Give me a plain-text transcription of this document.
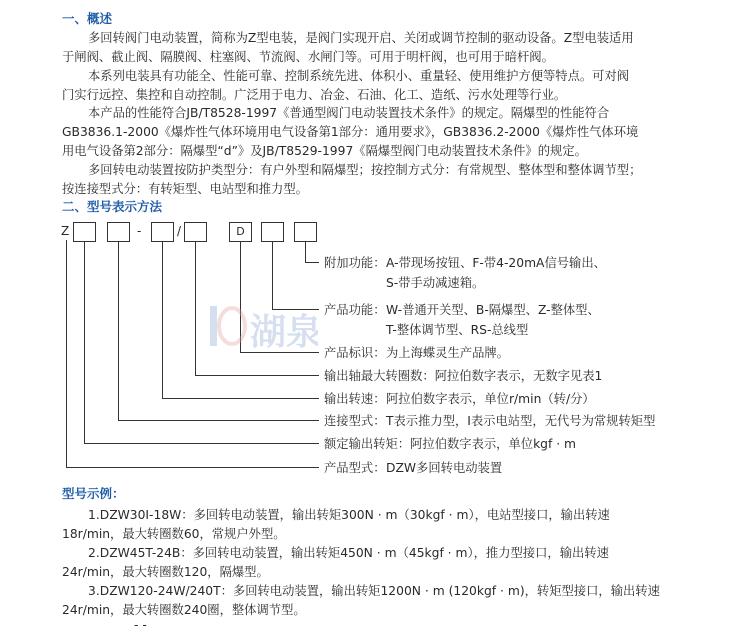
一、概述
多回转阀门电动装置，简称为Z型电装，是阀门实现开启、关闭或调节控制的驱动设备。Z型电装适用
于闸阀、截止阀、隔膜阀、柱塞阀、节流阀、水闸门等。可用于明杆阀，也可用于暗杆阀。
本系列电装具有功能全、性能可靠、控制系统先进、体积小、重量轻、使用维护方便等特点。可对阀
门实行远控、集控和自动控制。广泛用于电力、冶金、石油、化工、造纸、污水处理等行业。
本产品的性能符合JB/T8528-1997《普通型阀门电动装置技术条件》的规定。隔爆型的性能符合
GB3836.1-2000《爆炸性气体环境用电气设备第1部分：通用要求》，GB3836.2-2000《爆炸性气体环境
用电气设备第2部分：隔爆型“d”》及JB/T8529-1997《隔爆型阀门电动装置技术条件》的规定。
多回转电动装置按防护类型分：有户外型和隔爆型；按控制方式分：有常规型、整体型和整体调节型；
按连接型式分：有转矩型、电站型和推力型。
二、型号表示方法
Z	-	/	D
湖泉
附加功能： A-带现场按钮、F-带4-20mA信号输出、
S-带手动减速箱。
产品功能： W-普通开关型、B-隔爆型、Z-整体型、
T-整体调节型、RS-总线型
产品标识： 为上海蝶灵生产品牌。
输出轴最大转圈数：阿拉伯数字表示，无数字见表1
输出转速： 阿拉伯数字表示，单位r/min（转/分）
连接型式： T表示推力型，I表示电站型，无代号为常规转矩型
额定输出转矩：阿拉伯数字表示，单位kgf · m
产品型式： DZW多回转电动装置
型号示例：
1.DZW30I-18W：多回转电动装置，输出转矩300N · m（30kgf · m），电站型接口，输出转速
18r/min，最大转圈数60，常规户外型。
2.DZW45T-24B：多回转电动装置，输出转矩450N · m（45kgf · m），推力型接口，输出转速
24r/min，最大转圈数120，隔爆型。
3.DZW120-24W/240T：多回转电动装置，输出转矩1200N · m (120kgf · m)，转矩型接口，输出转速
24r/min，最大转圈数240圈，整体调节型。
- -
